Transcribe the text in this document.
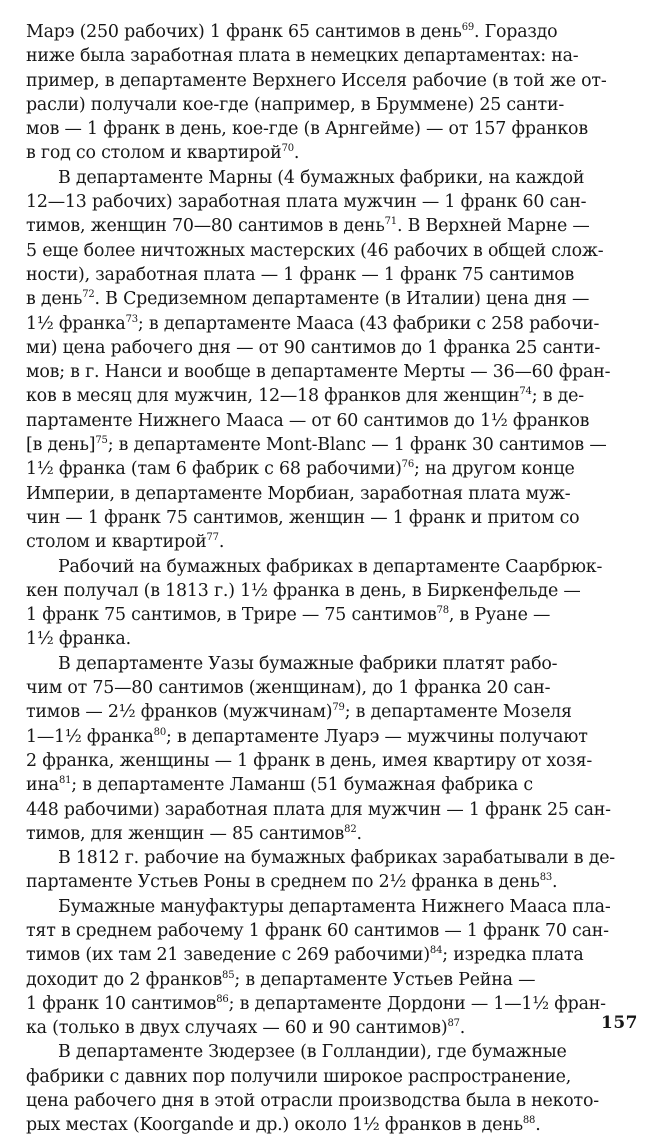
Марэ (250 рабочих) 1 франк 65 сантимов в день$^{69}$. Гораздо
ниже была заработная плата в немецких департаментах: на-
пример, в департаменте Верхнего Исселя рабочие (в той же от-
расли) получали кое-где (например, в Бруммене) 25 санти-
мов — 1 франк в день, кое-где (в Арнгейме) — от 157 франков
в год со столом и квартирой$^{70}$.
В департаменте Марны (4 бумажных фабрики, на каждой
12—13 рабочих) заработная плата мужчин — 1 франк 60 сан-
тимов, женщин 70—80 сантимов в день$^{71}$. В Верхней Марне —
5 еще более ничтожных мастерских (46 рабочих в общей слож-
ности), заработная плата — 1 франк — 1 франк 75 сантимов
в день$^{72}$. В Средиземном департаменте (в Италии) цена дня —
1½ франка$^{73}$; в департаменте Мааса (43 фабрики с 258 рабочи-
ми) цена рабочего дня — от 90 сантимов до 1 франка 25 санти-
мов; в г. Нанси и вообще в департаменте Мерты — 36—60 фран-
ков в месяц для мужчин, 12—18 франков для женщин$^{74}$; в де-
партаменте Нижнего Мааса — от 60 сантимов до 1½ франков
[в день]$^{75}$; в департаменте Mont-Blanc — 1 франк 30 сантимов —
1½ франка (там 6 фабрик с 68 рабочими)$^{76}$; на другом конце
Империи, в департаменте Морбиан, заработная плата муж-
чин — 1 франк 75 сантимов, женщин — 1 франк и притом со
столом и квартирой$^{77}$.
Рабочий на бумажных фабриках в департаменте Саарбрюк-
кен получал (в 1813 г.) 1½ франка в день, в Биркенфельде —
1 франк 75 сантимов, в Трире — 75 сантимов$^{78}$, в Руане —
1½ франка.
В департаменте Уазы бумажные фабрики платят рабо-
чим от 75—80 сантимов (женщинам), до 1 франка 20 сан-
тимов — 2½ франков (мужчинам)$^{79}$; в департаменте Мозеля
1—1½ франка$^{80}$; в департаменте Луарэ — мужчины получают
2 франка, женщины — 1 франк в день, имея квартиру от хозя-
ина$^{81}$; в департаменте Ламанш (51 бумажная фабрика с
448 рабочими) заработная плата для мужчин — 1 франк 25 сан-
тимов, для женщин — 85 сантимов$^{82}$.
В 1812 г. рабочие на бумажных фабриках зарабатывали в де-
партаменте Устьев Роны в среднем по 2½ франка в день$^{83}$.
Бумажные мануфактуры департамента Нижнего Мааса пла-
тят в среднем рабочему 1 франк 60 сантимов — 1 франк 70 сан-
тимов (их там 21 заведение с 269 рабочими)$^{84}$; изредка плата
доходит до 2 франков$^{85}$; в департаменте Устьев Рейна —
1 франк 10 сантимов$^{86}$; в департаменте Дордони — 1—1½ фран-
ка (только в двух случаях — 60 и 90 сантимов)$^{87}$.
В департаменте Зюдерзее (в Голландии), где бумажные
фабрики с давних пор получили широкое распространение,
цена рабочего дня в этой отрасли производства была в некото-
рых местах (Koorgande и др.) около 1½ франков в день$^{88}$.
157
